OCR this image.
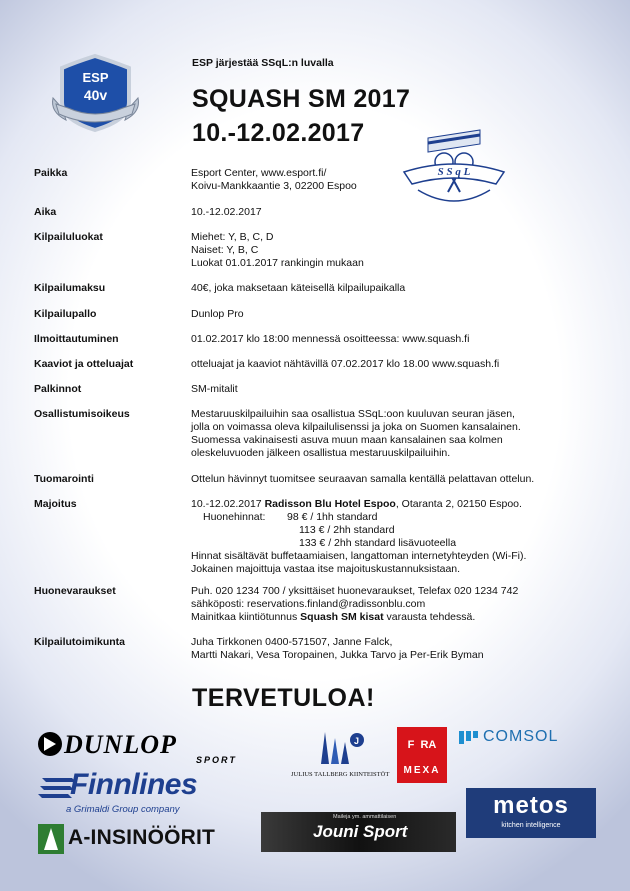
ESP
40v
ESP järjestää SSqL:n luvalla
SQUASH SM 2017
10.-12.02.2017
S S q L
Paikka	Esport Center, www.esport.fi/
Koivu-Mankkaantie 3, 02200 Espoo
Aika	10.-12.02.2017
Kilpailuluokat	Miehet: Y, B, C, D
Naiset: Y, B, C
Luokat 01.01.2017 rankingin mukaan
Kilpailumaksu	40€, joka maksetaan käteisellä kilpailupaikalla
Kilpailupallo	Dunlop Pro
Ilmoittautuminen	01.02.2017 klo 18:00 mennessä osoitteessa: www.squash.fi
Kaaviot ja otteluajat	otteluajat ja kaaviot nähtävillä 07.02.2017 klo 18.00 www.squash.fi
Palkinnot	SM-mitalit
Osallistumisoikeus	Mestaruuskilpailuihin saa osallistua SSqL:oon kuuluvan seuran jäsen,
jolla on voimassa oleva kilpailulisenssi ja joka on Suomen kansalainen.
Suomessa vakinaisesti asuva muun maan kansalainen saa kolmen
oleskeluvuoden jälkeen osallistua mestaruuskilpailuihin.
Tuomarointi	Ottelun hävinnyt tuomitsee seuraavan samalla kentällä pelattavan ottelun.
Majoitus	10.-12.02.2017 Radisson Blu Hotel Espoo, Otaranta 2, 02150 Espoo.
Huonehinnat: 98 € / 1hh standard
113 € / 2hh standard
133 € / 2hh standard lisävuoteella
Hinnat sisältävät buffetaamiaisen, langattoman internetyhteyden (Wi-Fi).
Jokainen majoittuja vastaa itse majoituskustannuksistaan.
Huonevaraukset	Puh. 020 1234 700 / yksittäiset huonevaraukset, Telefax 020 1234 742
sähköposti: reservations.finland@radissonblu.com
Mainitkaa kiintiötunnus Squash SM kisat varausta tehdessä.
Kilpailutoimikunta	Juha Tirkkonen 0400-571507, Janne Falck,
Martti Nakari, Vesa Toropainen, Jukka Tarvo ja Per-Erik Byman
TERVETULOA!
DUNLOP
SPORT
J
JULIUS TALLBERG KIINTEISTÖT
F  RA
MEXA
COMSOL
Finnlines
a Grimaldi Group company	metos
kitchen intelligence
A-INSINÖÖRIT
Maileja ym. ammattilaisen
Jouni Sport
